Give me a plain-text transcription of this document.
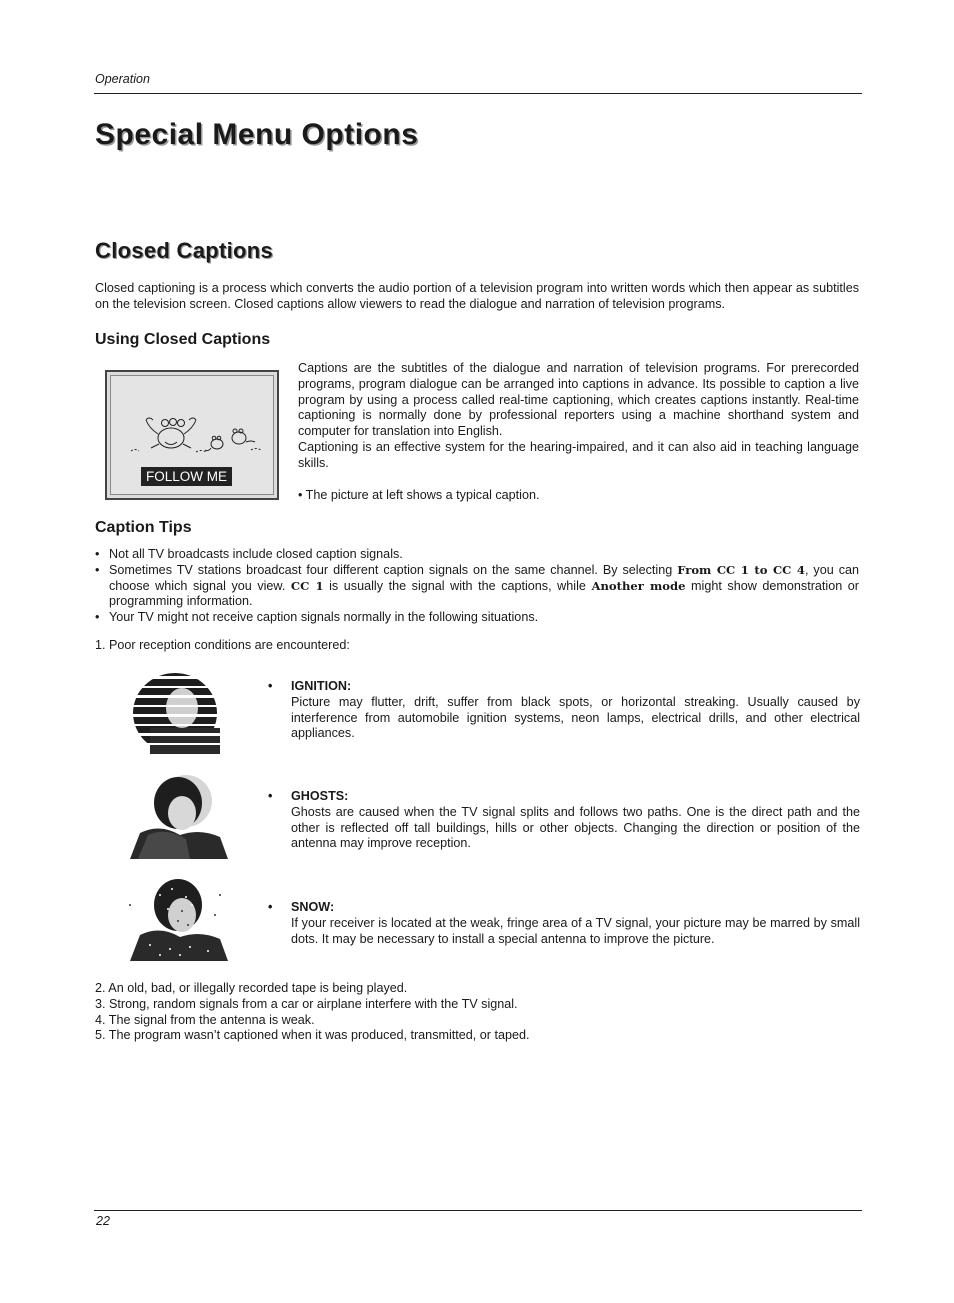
Operation
Special Menu Options
Closed Captions

Closed captioning is a process which converts the audio portion of a television program into written words which then appear as subtitles on the television screen. Closed captions allow viewers to read the dialogue and narration of television programs.

Using Closed Captions
FOLLOW ME

Captions are the subtitles of the dialogue and narration of television programs. For prerecorded programs, program dialogue can be arranged into captions in advance. Its possible to caption a live program by using a process called real-time captioning, which creates captions instantly. Real-time captioning is normally done by professional reporters using a machine shorthand system and computer for translation into English.

Captioning is an effective system for the hearing-impaired, and it can also aid in teaching language skills.

• The picture at left shows a typical caption.

Caption Tips
• Not all TV broadcasts include closed caption signals.
• Sometimes TV stations broadcast four different caption signals on the same channel. By selecting From CC 1 to CC 4, you can choose which signal you view. CC 1 is usually the signal with the captions, while Another mode might show demonstration or programming information.
• Your TV might not receive caption signals normally in the following situations.

1. Poor reception conditions are encountered:

• IGNITION:
Picture may flutter, drift, suffer from black spots, or horizontal streaking. Usually caused by interference from automobile ignition systems, neon lamps, electrical drills, and other electrical appliances.
• GHOSTS:
Ghosts are caused when the TV signal splits and follows two paths. One is the direct path and the other is reflected off tall buildings, hills or other objects. Changing the direction or position of the antenna may improve reception.
• SNOW:
If your receiver is located at the weak, fringe area of a TV signal, your picture may be marred by small dots. It may be necessary to install a special antenna to improve the picture.

2. An old, bad, or illegally recorded tape is being played.

3. Strong, random signals from a car or airplane interfere with the TV signal.

4. The signal from the antenna is weak.

5. The program wasn’t captioned when it was produced, transmitted, or taped.

22
